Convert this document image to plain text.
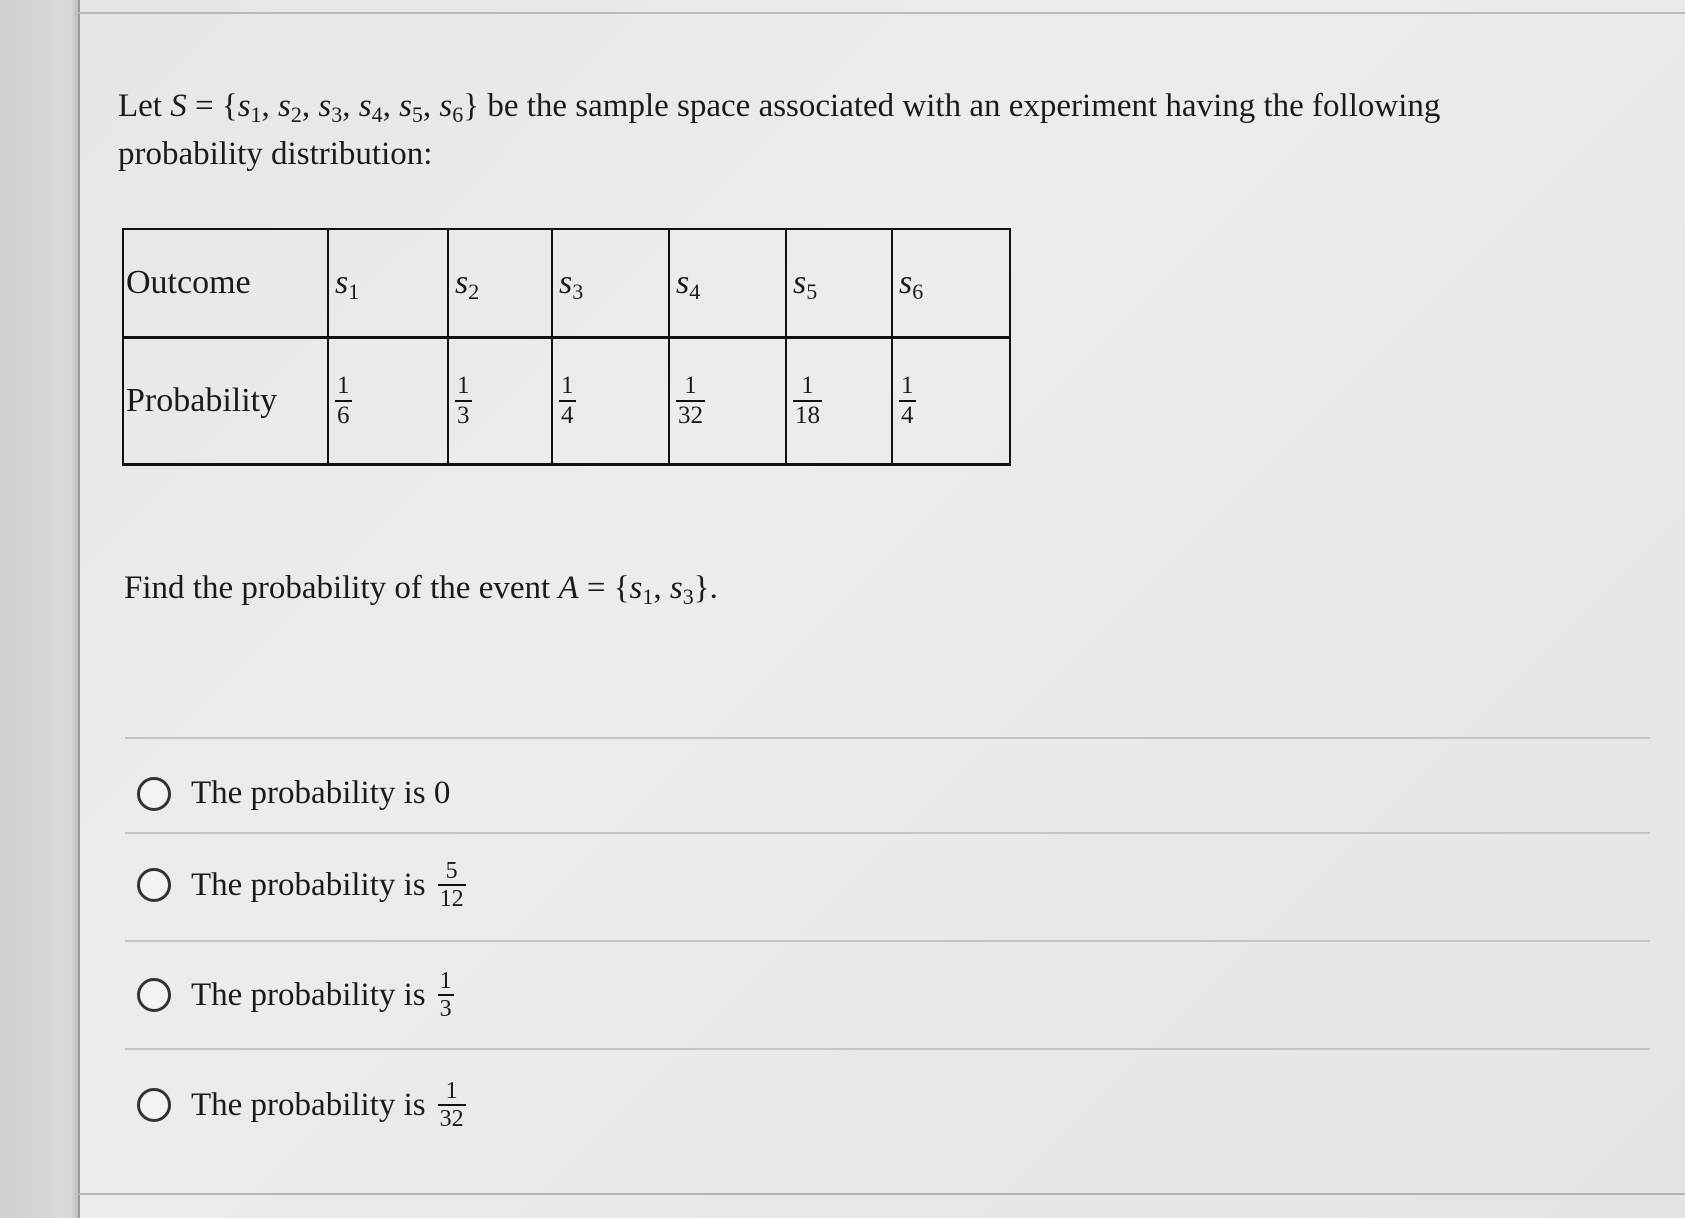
Let $S = \{s_1$, $s_2$, $s_3$, $s_4$, $s_5$, $s_6$} be the sample space associated with an experiment having the following probability distribution:
Outcome	$s_1$	$s_2$	$s_3$	$s_4$	$s_5$	$s_6$
Probability	$\frac{1}{6}$	$\frac{1}{3}$	$\frac{1}{4}$	$\frac{1}{32}$	$\frac{1}{18}$	$\frac{1}{4}$
Find the probability of the event $A = \{s_1$, $s_3$}.
The probability is 0
The probability is $\frac{5}{12}$
The probability is $\frac{1}{3}$
The probability is $\frac{1}{32}$
